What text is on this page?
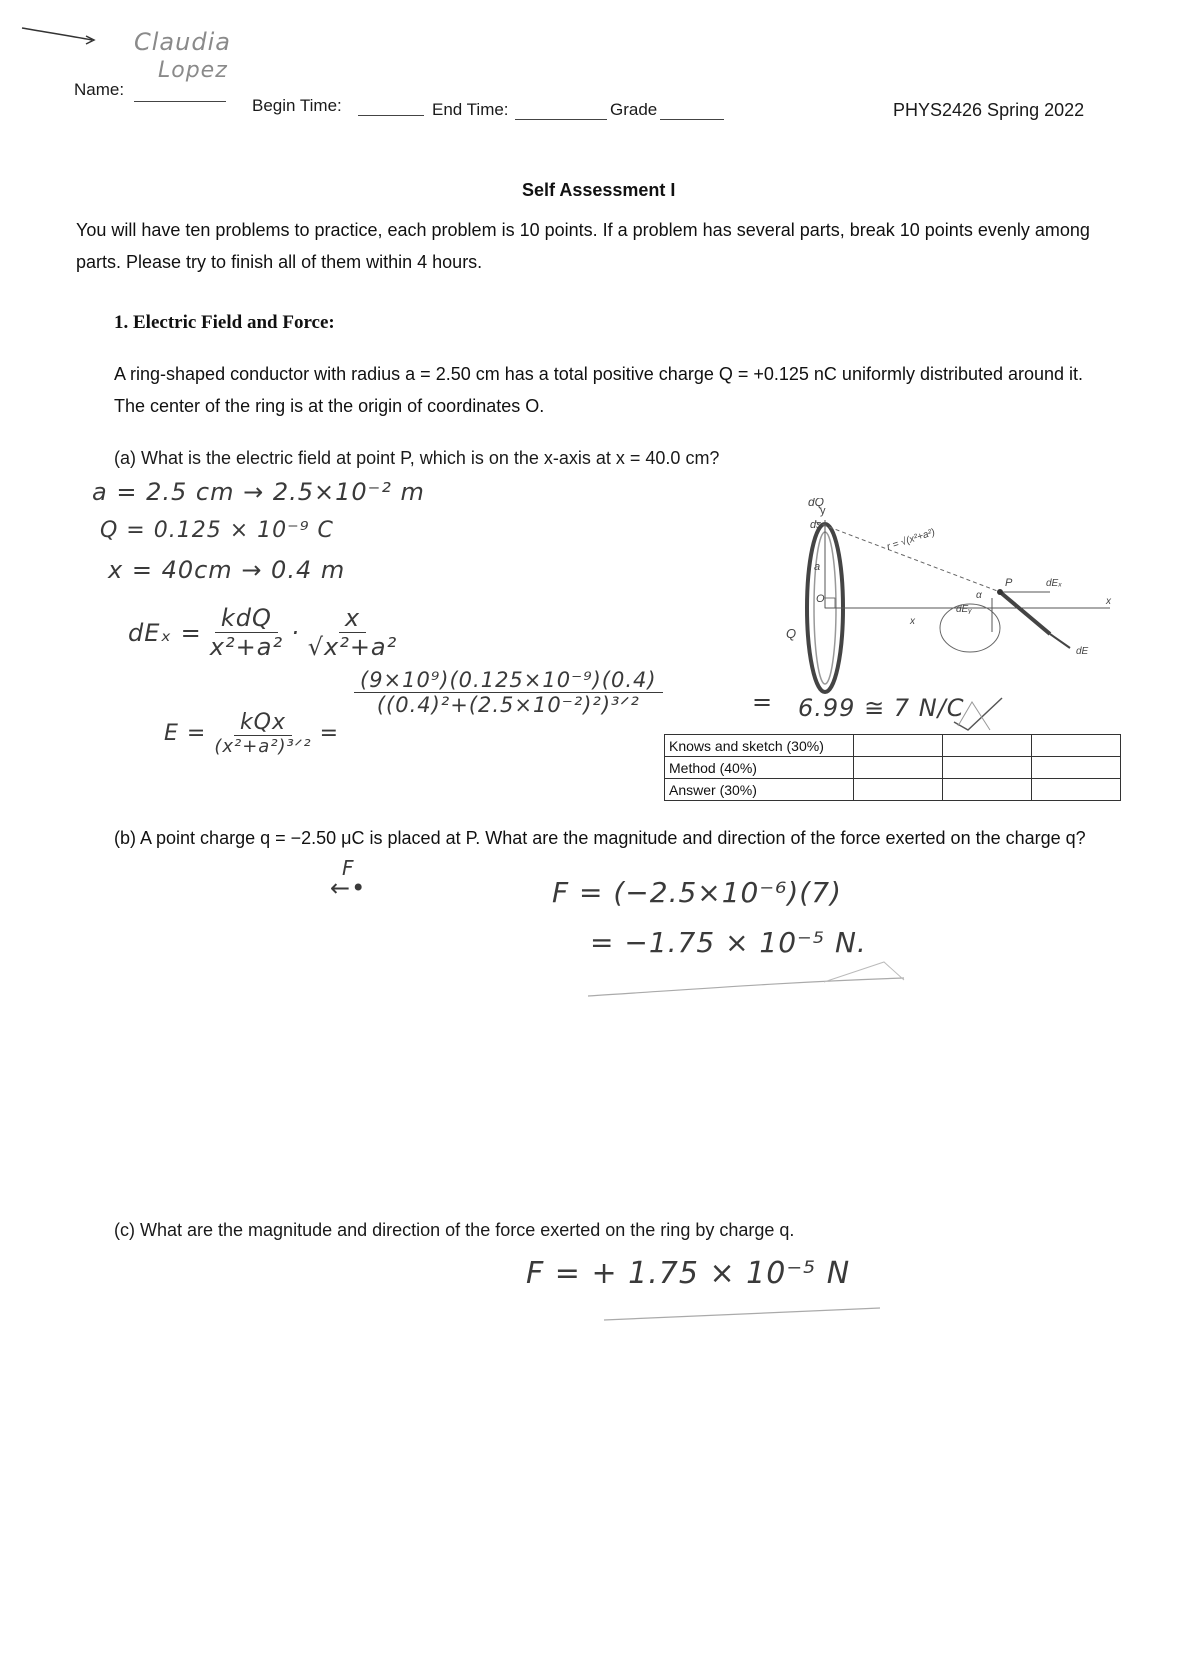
Claudia
Lopez
Name:
Begin Time:	End Time:	Grade	PHYS2426 Spring 2022
Self Assessment I
You will have ten problems to practice, each problem is 10 points. If a problem has several parts, break 10 points evenly among parts. Please try to finish all of them within 4 hours.
1. Electric Field and Force:
A ring-shaped conductor with radius a = 2.50 cm has a total positive charge Q = +0.125 nC uniformly distributed around it. The center of the ring is at the origin of coordinates O.
(a) What is the electric field at point P, which is on the x-axis at x = 40.0 cm?
a = 2.5 cm → 2.5×10⁻² m
Q = 0.125 × 10⁻⁹ C
x = 40cm → 0.4 m
$dE_x = \frac{\text{kdQ}}{\text{x²+a²}} \cdot \frac{x}{\text{√x²+a²}}$
$E = \frac{\text{kQx}}{\text{(x²+a²)³ᐟ²}}$ =
$\frac{\text{(9×10⁹)(0.125×10⁻⁹)(0.4)}}{\text{((0.4)²+(2.5×10⁻²)²)³ᐟ²}}$	= 6.99 ≅ 7 N/C
Knows and sketch (30%)			
Method (40%)			
Answer (30%)			
y
dQ
ds
a
O
Q
r = √(x²+a²)
x
P
α
dEₓ
dEᵧ
dE
x
(b) A point charge q = −2.50 μC is placed at P. What are the magnitude and direction of the force exerted on the charge q?
F
←•	F = (−2.5×10⁻⁶)(7)
= −1.75 × 10⁻⁵ N.
(c) What are the magnitude and direction of the force exerted on the ring by charge q.
F = + 1.75 × 10⁻⁵ N
